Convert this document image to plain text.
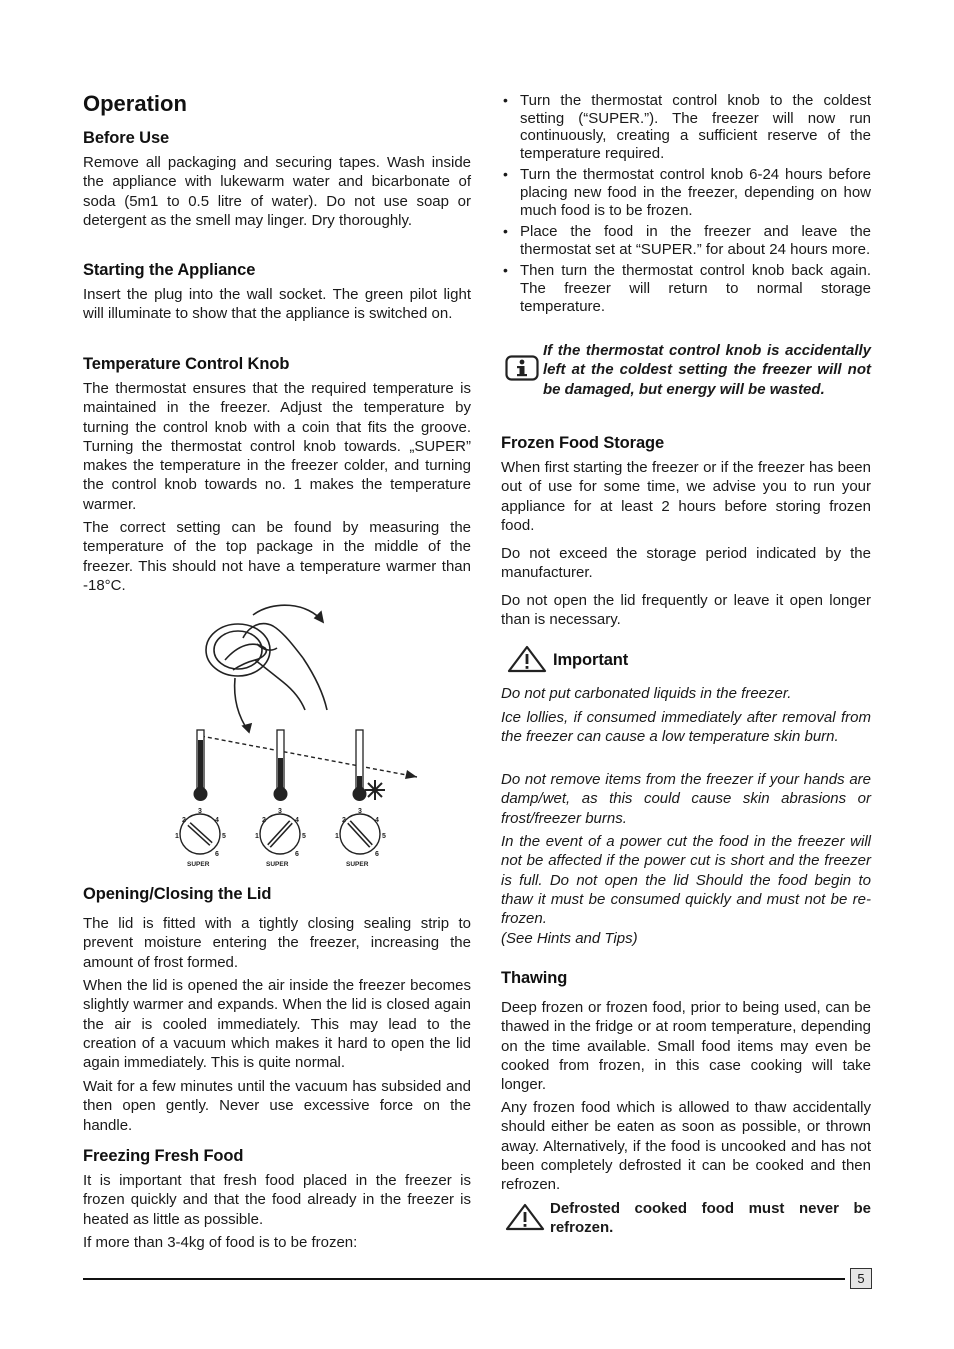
Operation
Before Use

Remove all packaging and securing tapes. Wash inside the appliance with lukewarm water and bicarbonate of soda (5m1 to 0.5 litre of water). Do not use soap or detergent as the smell may linger. Dry thoroughly.

Starting the Appliance

Insert the plug into the wall socket. The green pilot light will illuminate to show that the appliance is switched on.

Temperature Control Knob

The thermostat ensures that the required temperature is maintained in the freezer. Adjust the temperature by turning the control knob with a coin that fits the groove. Turning the thermostat control knob towards. „SUPER” makes the temperature in the freezer colder, and turning the control knob towards no. 1 makes the temperature warmer.

The correct setting can be found by measuring the temperature of the top package in the middle of the freezer. This should not have a temperature warmer than -18°C.

1
2
3
4
5
6
SUPER
1
2
3
4
5
6
SUPER
1
2
3
4
5
6
SUPER
Opening/Closing the Lid

The lid is fitted with a tightly closing sealing strip to prevent moisture entering the freezer, increasing the amount of frost formed.

When the lid is opened the air inside the freezer becomes slightly warmer and expands. When the lid is closed again the air is cooled immediately. This may lead to the creation of a vacuum which makes it hard to open the lid again immediately. This is quite normal.

Wait for a few minutes until the vacuum has subsided and then open gently. Never use excessive force on the handle.

Freezing Fresh Food

It is important that fresh food placed in the freezer is frozen quickly and that the food already in the freezer is heated as little as possible.

If more than 3-4kg of food is to be frozen:

• Turn the thermostat control knob to the coldest setting (“SUPER.”). The freezer will now run continuously, creating a sufficient reserve of the temperature required.
• Turn the thermostat control knob 6-24 hours before placing new food in the freezer, depending on how much food is to be frozen.
• Place the food in the freezer and leave the thermostat set at “SUPER.” for about 24 hours more.
• Then turn the thermostat control knob back again. The freezer will return to normal storage temperature.

If the thermostat control knob is accidentally left at the coldest setting the freezer will not be damaged, but energy will be wasted.

Frozen Food Storage

When first starting the freezer or if the freezer has been out of use for some time, we advise you to run your appliance for at least 2 hours before storing frozen food.

Do not exceed the storage period indicated by the manufacturer.

Do not open the lid frequently or leave it open longer than is necessary.

Important

Do not put carbonated liquids in the freezer.

Ice lollies, if consumed immediately after removal from the freezer can cause a low temperature skin burn.

Do not remove items from the freezer if your hands are damp/wet, as this could cause skin abrasions or frost/freezer burns.

In the event of a power cut the food in the freezer will not be affected if the power cut is short and the freezer is full. Do not open the lid Should the food begin to thaw it must be consumed quickly and must not be re-frozen.

(See Hints and Tips)

Thawing

Deep frozen or frozen food, prior to being used, can be thawed in the fridge or at room temperature, depending on the time available. Small food items may even be cooked from frozen, in this case cooking will take longer.

Any frozen food which is allowed to thaw accidentally should either be eaten as soon as possible, or thrown away. Alternatively, if the food is uncooked and has not been completely defrosted it can be cooked and then refrozen.

Defrosted cooked food must never be refrozen.

5
